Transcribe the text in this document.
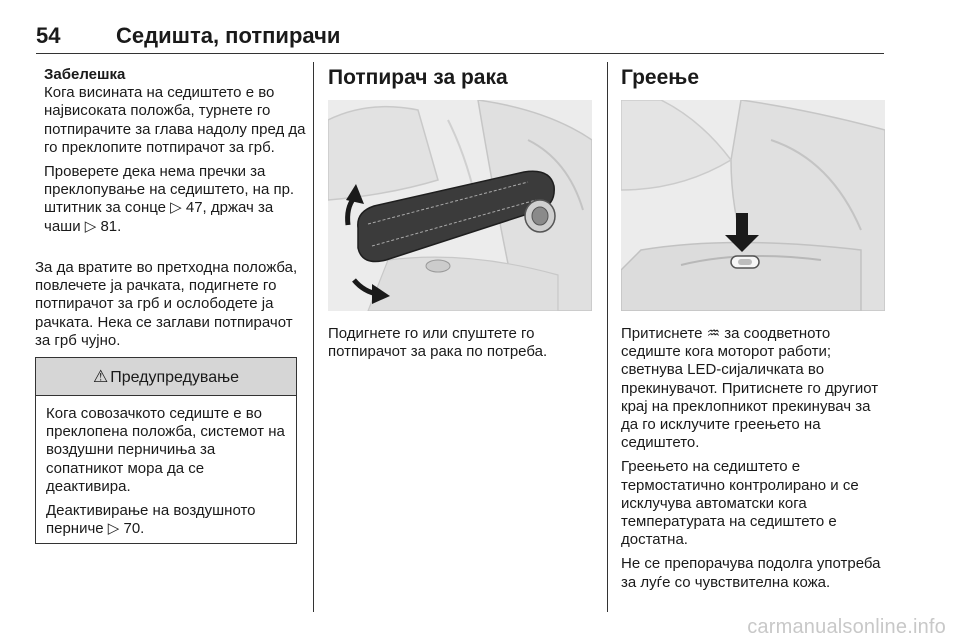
54	Седишта, потпирачи

Забелешка

Кога висината на седиштето е во највисоката положба, турнете го потпирачите за глава надолу пред да го преклопите потпирачот за грб.

Проверете дека нема пречки за преклопување на седиштето, на пр. штитник за сонце ▷ 47, држач за чаши ▷ 81.

За да вратите во претходна положба, повлечете ја рачката, подигнете го потпирачот за грб и ослободете ја рачката. Нека се заглави потпирачот за грб чујно.

⚠ Предупредување

Кога совозачкото седиште е во преклопена положба, системот на воздушни перничиња за сопатникот мора да се деактивира.

Деактивирање на воздушното перниче ▷ 70.

Потпирач за рака

Подигнете го или спуштете го потпирачот за рака по потреба.

Греење

Притиснете ♒ за соодветното седиште кога моторот работи; светнува LED-сијаличката во прекинувачот. Притиснете го другиот крај на преклопникот прекинувач за да го исклучите греењето на седиштето.

Греењето на седиштето е термостатично контролирано и се исклучува автоматски кога температурата на седиштето е достатна.

Не се препорачува подолга употреба за луѓе со чувствителна кожа.

carmanualsonline.info
